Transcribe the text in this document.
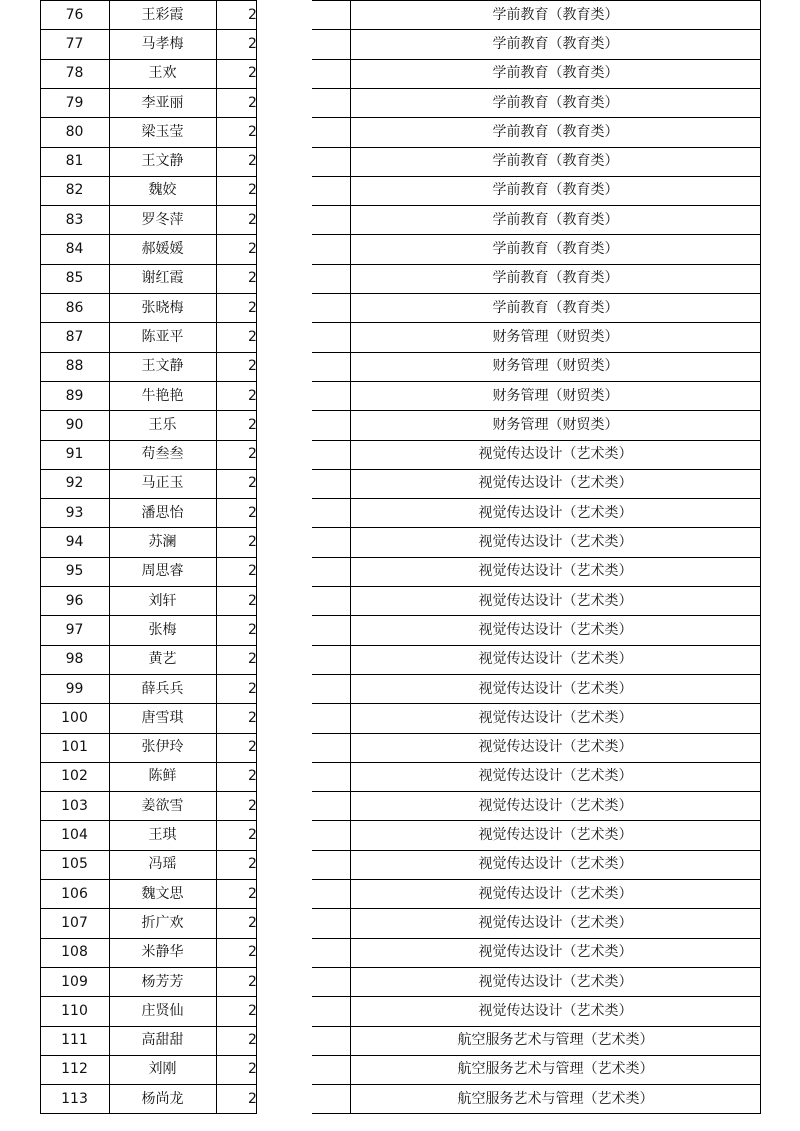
76	王彩霞	2	学前教育（教育类）
77	马孝梅	2	学前教育（教育类）
78	王欢	2	学前教育（教育类）
79	李亚丽	2	学前教育（教育类）
80	梁玉莹	2	学前教育（教育类）
81	王文静	2	学前教育（教育类）
82	魏姣	2	学前教育（教育类）
83	罗冬萍	2	学前教育（教育类）
84	郝媛媛	2	学前教育（教育类）
85	谢红霞	2	学前教育（教育类）
86	张晓梅	2	学前教育（教育类）
87	陈亚平	2	财务管理（财贸类）
88	王文静	2	财务管理（财贸类）
89	牛艳艳	2	财务管理（财贸类）
90	王乐	2	财务管理（财贸类）
91	苟叁叁	2	视觉传达设计（艺术类）
92	马正玉	2	视觉传达设计（艺术类）
93	潘思怡	2	视觉传达设计（艺术类）
94	苏澜	2	视觉传达设计（艺术类）
95	周思睿	2	视觉传达设计（艺术类）
96	刘轩	2	视觉传达设计（艺术类）
97	张梅	2	视觉传达设计（艺术类）
98	黄艺	2	视觉传达设计（艺术类）
99	薛兵兵	2	视觉传达设计（艺术类）
100	唐雪琪	2	视觉传达设计（艺术类）
101	张伊玲	2	视觉传达设计（艺术类）
102	陈鲜	2	视觉传达设计（艺术类）
103	姜欲雪	2	视觉传达设计（艺术类）
104	王琪	2	视觉传达设计（艺术类）
105	冯瑶	2	视觉传达设计（艺术类）
106	魏文思	2	视觉传达设计（艺术类）
107	折广欢	2	视觉传达设计（艺术类）
108	米静华	2	视觉传达设计（艺术类）
109	杨芳芳	2	视觉传达设计（艺术类）
110	庄贤仙	2	视觉传达设计（艺术类）
111	高甜甜	2	航空服务艺术与管理（艺术类）
112	刘刚	2	航空服务艺术与管理（艺术类）
113	杨尚龙	2	航空服务艺术与管理（艺术类）
